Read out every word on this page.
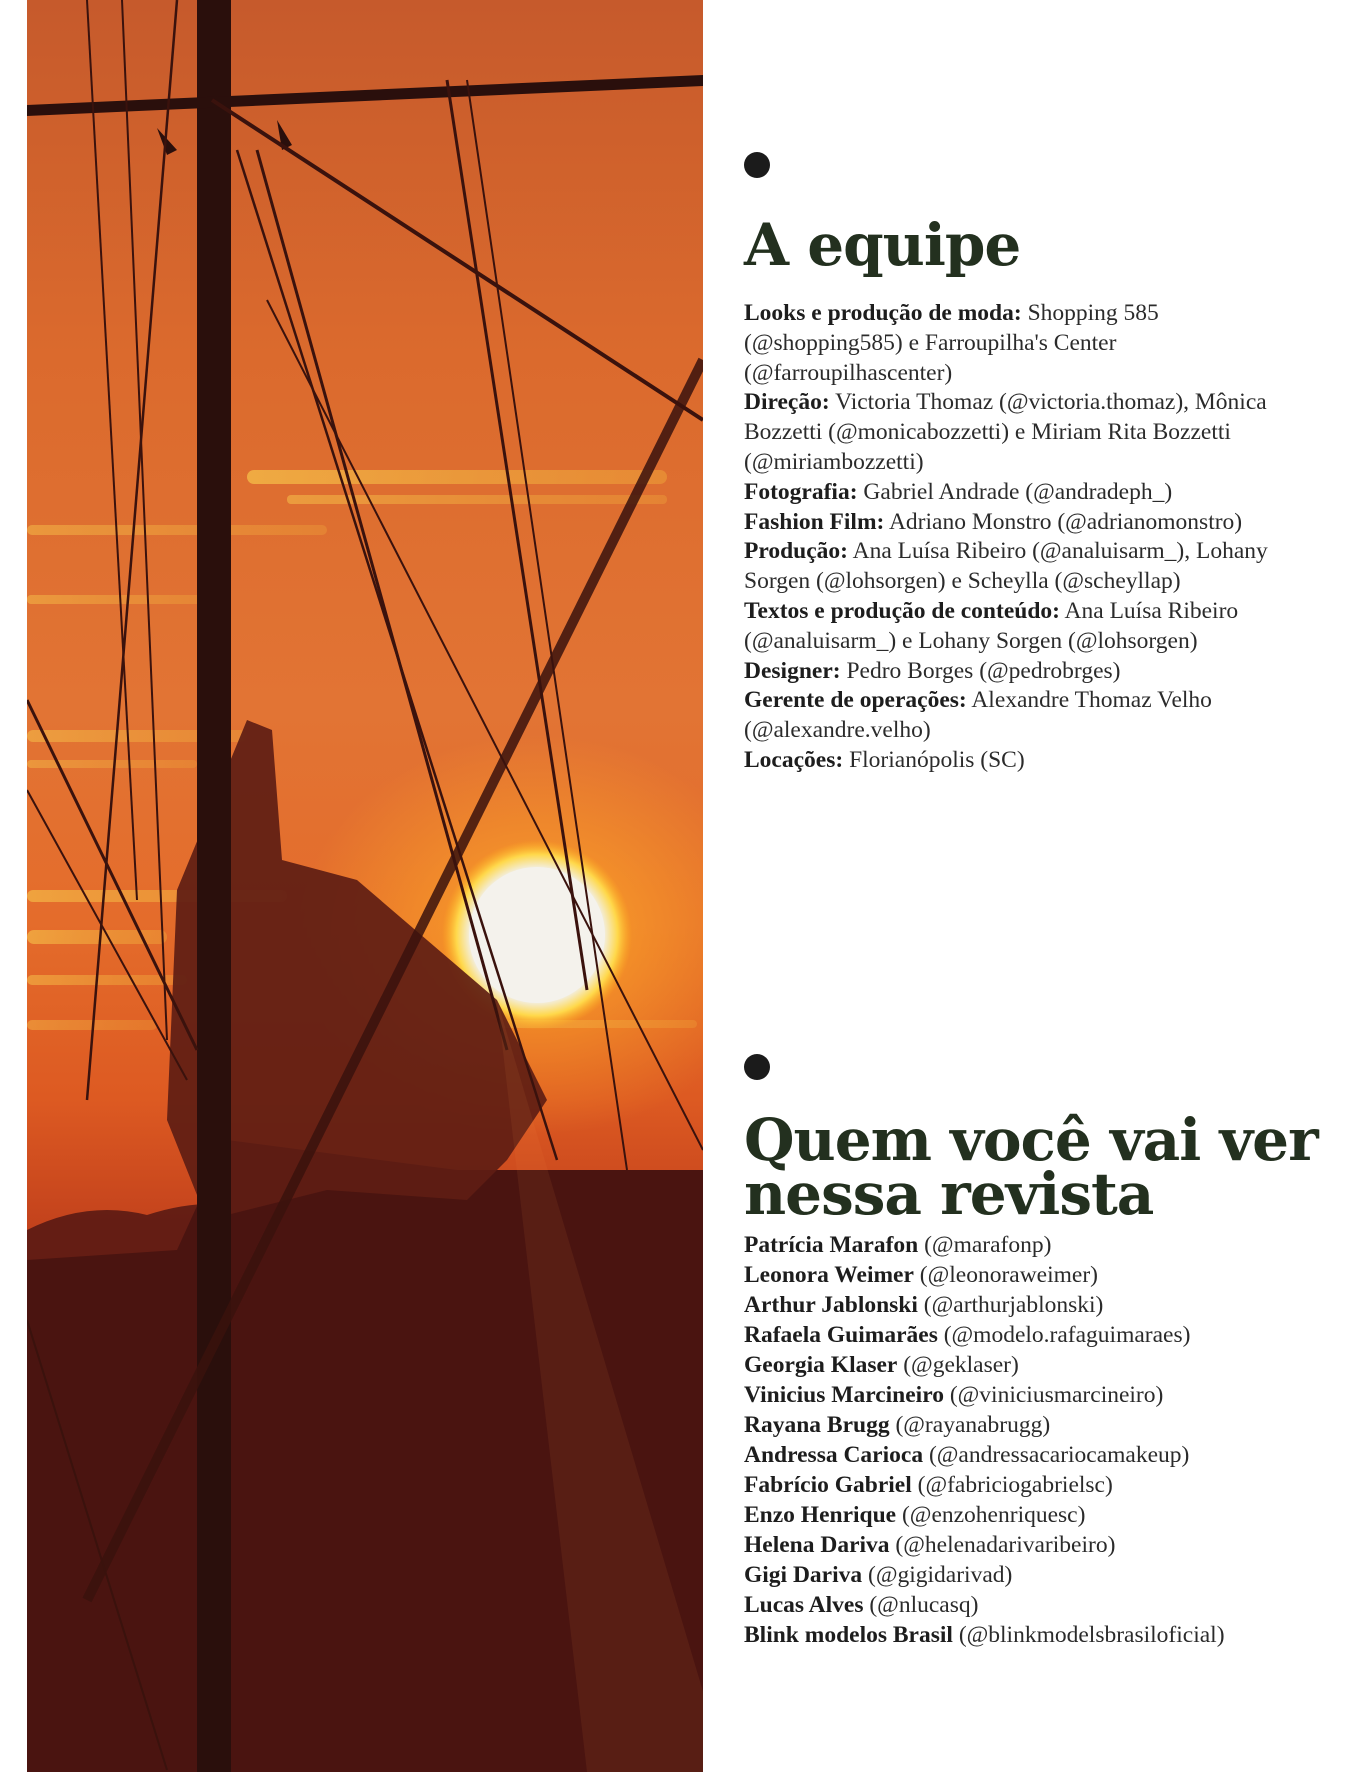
A equipe
Looks e produção de moda: Shopping 585 (@shopping585) e Farroupilha's Center (@farroupilhascenter)
Direção: Victoria Thomaz (@victoria.thomaz), Mônica Bozzetti (@monicabozzetti) e Miriam Rita Bozzetti (@miriambozzetti)
Fotografia: Gabriel Andrade (@andradeph_)
Fashion Film: Adriano Monstro (@adrianomonstro)
Produção: Ana Luísa Ribeiro (@analuisarm_), Lohany Sorgen (@lohsorgen) e Scheylla (@scheyllap)
Textos e produção de conteúdo: Ana Luísa Ribeiro (@analuisarm_) e Lohany Sorgen (@lohsorgen)
Designer: Pedro Borges (@pedrobrges)
Gerente de operações: Alexandre Thomaz Velho (@alexandre.velho)
Locações: Florianópolis (SC)
Quem você vai ver
nessa revista
Patrícia Marafon (@marafonp)
Leonora Weimer (@leonoraweimer)
Arthur Jablonski (@arthurjablonski)
Rafaela Guimarães (@modelo.rafaguimaraes)
Georgia Klaser (@geklaser)
Vinicius Marcineiro (@viniciusmarcineiro)
Rayana Brugg (@rayanabrugg)
Andressa Carioca (@andressacariocamakeup)
Fabrício Gabriel (@fabriciogabrielsc)
Enzo Henrique (@enzohenriquesc)
Helena Dariva (@helenadarivaribeiro)
Gigi Dariva (@gigidarivad)
Lucas Alves (@nlucasq)
Blink modelos Brasil (@blinkmodelsbrasiloficial)
